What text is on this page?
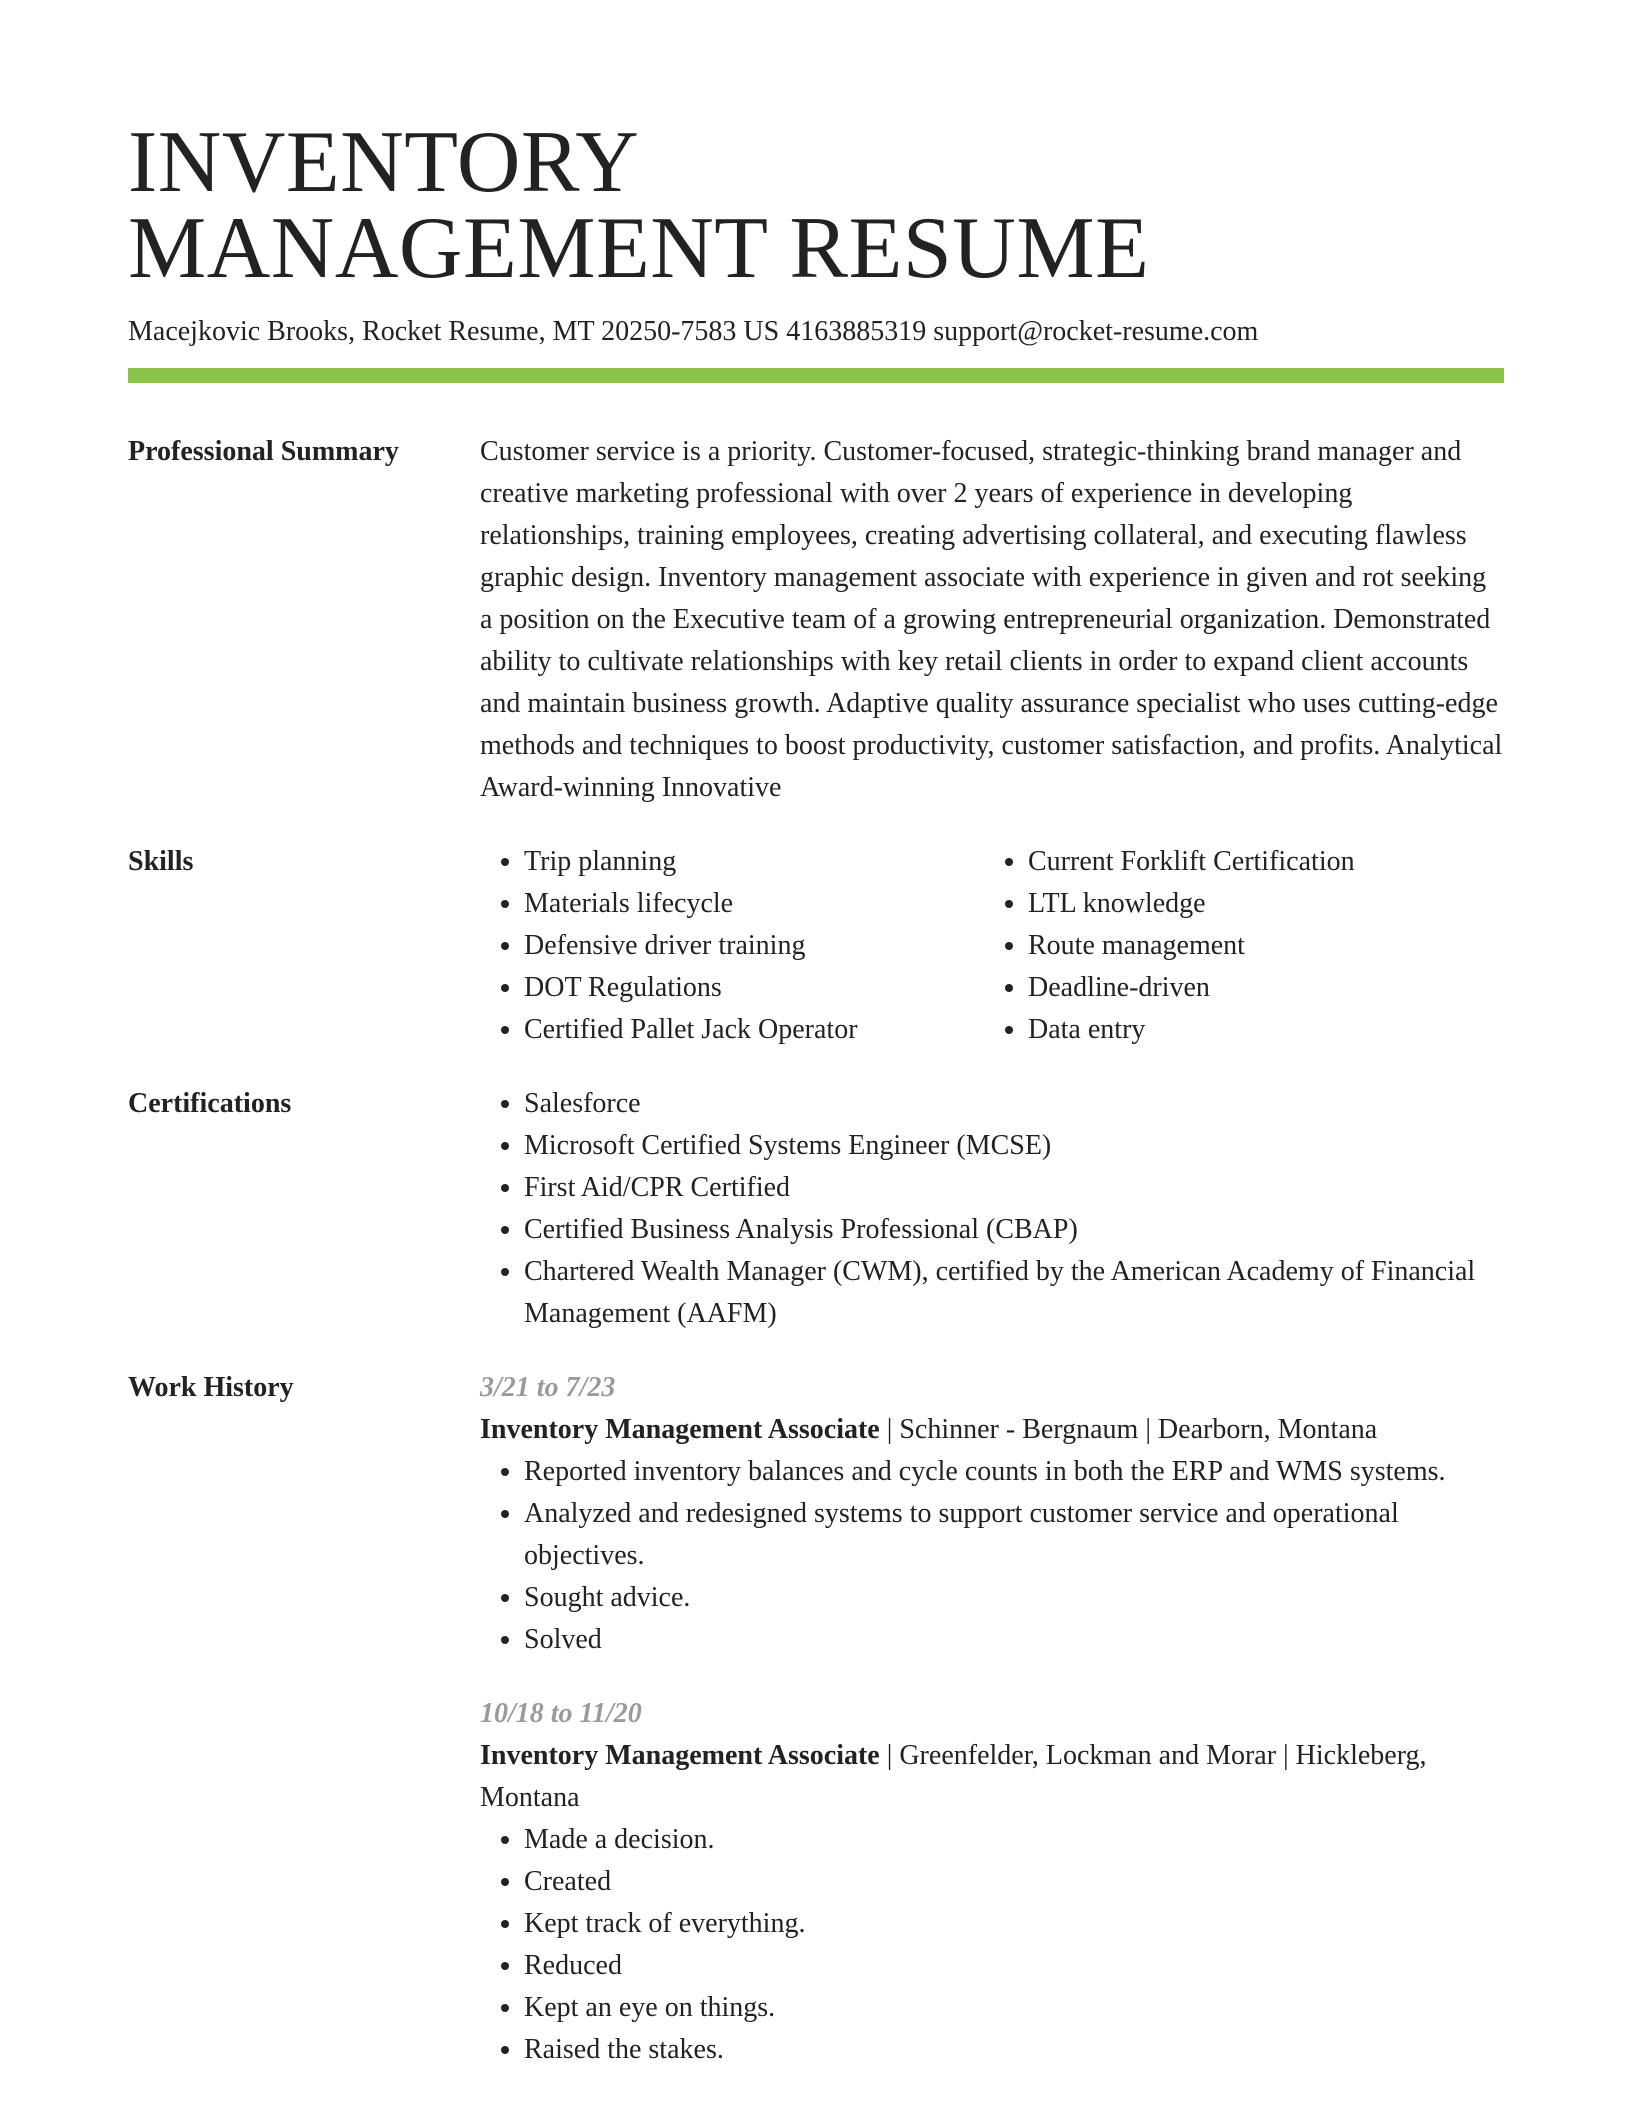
INVENTORY
MANAGEMENT RESUME
Macejkovic Brooks, Rocket Resume, MT 20250-7583 US 4163885319 support@rocket-resume.com
Professional Summary	Customer service is a priority. Customer-focused, strategic-thinking brand manager and creative marketing professional with over 2 years of experience in developing relationships, training employees, creating advertising collateral, and executing flawless graphic design. Inventory management associate with experience in given and rot seeking a position on the Executive team of a growing entrepreneurial organization. Demonstrated ability to cultivate relationships with key retail clients in order to expand client accounts and maintain business growth. Adaptive quality assurance specialist who uses cutting-edge methods and techniques to boost productivity, customer satisfaction, and profits. Analytical Award-winning Innovative
Skills	• Trip planning
• Materials lifecycle
• Defensive driver training
• DOT Regulations
• Certified Pallet Jack Operator
• Current Forklift Certification
• LTL knowledge
• Route management
• Deadline-driven
• Data entry
Certifications	• Salesforce
• Microsoft Certified Systems Engineer (MCSE)
• First Aid/CPR Certified
• Certified Business Analysis Professional (CBAP)
• Chartered Wealth Manager (CWM), certified by the American Academy of Financial Management (AAFM)
Work History	3/21 to 7/23
Inventory Management Associate | Schinner - Bergnaum | Dearborn, Montana
• Reported inventory balances and cycle counts in both the ERP and WMS systems.
• Analyzed and redesigned systems to support customer service and operational objectives.
• Sought advice.
• Solved
10/18 to 11/20
Inventory Management Associate | Greenfelder, Lockman and Morar | Hickleberg, Montana
• Made a decision.
• Created
• Kept track of everything.
• Reduced
• Kept an eye on things.
• Raised the stakes.
